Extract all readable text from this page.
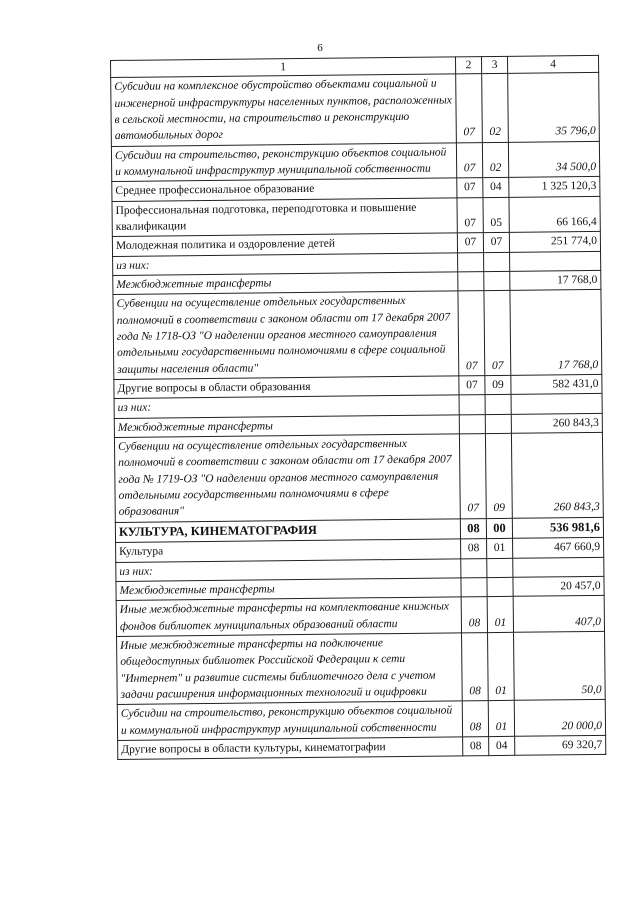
6
1	2	3	4
Субсидии на комплексное обустройство объектами социальной и инженерной инфраструктуры населенных пунктов, расположенных в сельской местности, на строительство и реконструкцию автомобильных дорог	07	02	35 796,0
Субсидии на строительство, реконструкцию объектов социальной и коммунальной инфраструктур муниципальной собственности	07	02	34 500,0
Среднее профессиональное образование	07	04	1 325 120,3
Профессиональная подготовка, переподготовка и повышение квалификации	07	05	66 166,4
Молодежная политика и оздоровление детей	07	07	251 774,0
из них:			
Межбюджетные трансферты			17 768,0
Субвенции на осуществление отдельных государственных полномочий в соответствии с законом области от 17 декабря 2007 года № 1718-ОЗ "О наделении органов местного самоуправления отдельными государственными полномочиями в сфере социальной защиты населения области"	07	07	17 768,0
Другие вопросы в области образования	07	09	582 431,0
из них:			
Межбюджетные трансферты			260 843,3
Субвенции на осуществление отдельных государственных полномочий в соответствии с законом области от 17 декабря 2007 года № 1719-ОЗ "О наделении органов местного самоуправления отдельными государственными полномочиями в сфере образования"	07	09	260 843,3
КУЛЬТУРА, КИНЕМАТОГРАФИЯ	08	00	536 981,6
Культура	08	01	467 660,9
из них:			
Межбюджетные трансферты			20 457,0
Иные межбюджетные трансферты на комплектование книжных фондов библиотек муниципальных образований области	08	01	407,0
Иные межбюджетные трансферты на подключение общедоступных библиотек Российской Федерации к сети "Интернет" и развитие системы библиотечного дела с учетом задачи расширения информационных технологий и оцифровки	08	01	50,0
Субсидии на строительство, реконструкцию объектов социальной и коммунальной инфраструктур муниципальной собственности	08	01	20 000,0
Другие вопросы в области культуры, кинематографии	08	04	69 320,7
